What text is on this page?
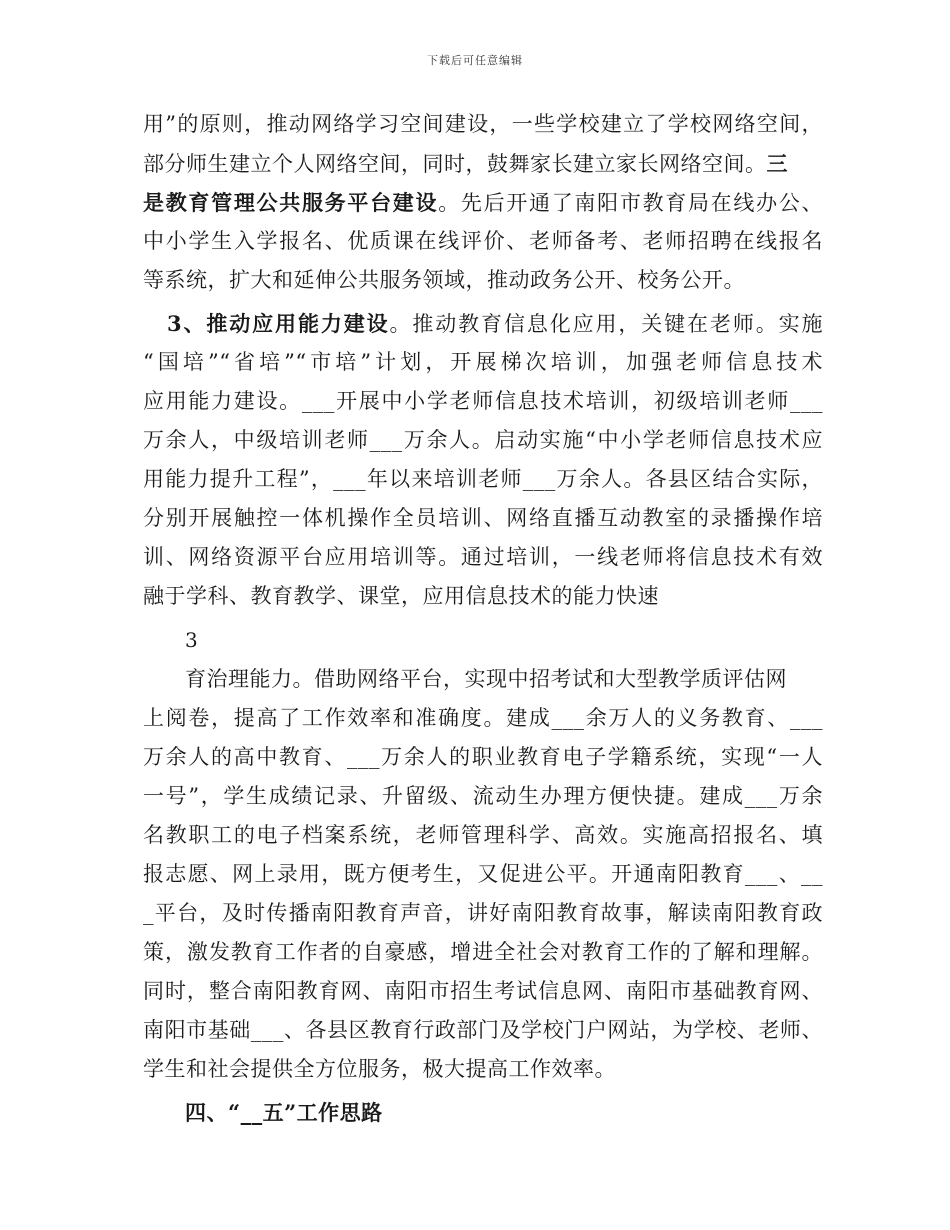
下载后可任意编辑
用”的原则，推动网络学习空间建设，一些学校建立了学校网络空间，
部分师生建立个人网络空间，同时，鼓舞家长建立家长网络空间。三
是教育管理公共服务平台建设。先后开通了南阳市教育局在线办公、
中小学生入学报名、优质课在线评价、老师备考、老师招聘在线报名
等系统，扩大和延伸公共服务领域，推动政务公开、校务公开。
3、推动应用能力建设。推动教育信息化应用，关键在老师。实施
“国培”“省培”“市培”计划，开展梯次培训，加强老师信息技术
应用能力建设。___开展中小学老师信息技术培训，初级培训老师___
万余人，中级培训老师___万余人。启动实施“中小学老师信息技术应
用能力提升工程”，___年以来培训老师___万余人。各县区结合实际，
分别开展触控一体机操作全员培训、网络直播互动教室的录播操作培
训、网络资源平台应用培训等。通过培训，一线老师将信息技术有效
融于学科、教育教学、课堂，应用信息技术的能力快速
3
育治理能力。借助网络平台，实现中招考试和大型教学质评估网
上阅卷，提高了工作效率和准确度。建成___余万人的义务教育、___
万余人的高中教育、___万余人的职业教育电子学籍系统，实现“一人
一号”，学生成绩记录、升留级、流动生办理方便快捷。建成___万余
名教职工的电子档案系统，老师管理科学、高效。实施高招报名、填
报志愿、网上录用，既方便考生，又促进公平。开通南阳教育___、__
_平台，及时传播南阳教育声音，讲好南阳教育故事，解读南阳教育政
策，激发教育工作者的自豪感，增进全社会对教育工作的了解和理解。
同时，整合南阳教育网、南阳市招生考试信息网、南阳市基础教育网、
南阳市基础___、各县区教育行政部门及学校门户网站，为学校、老师、
学生和社会提供全方位服务，极大提高工作效率。
四、“__五”工作思路
